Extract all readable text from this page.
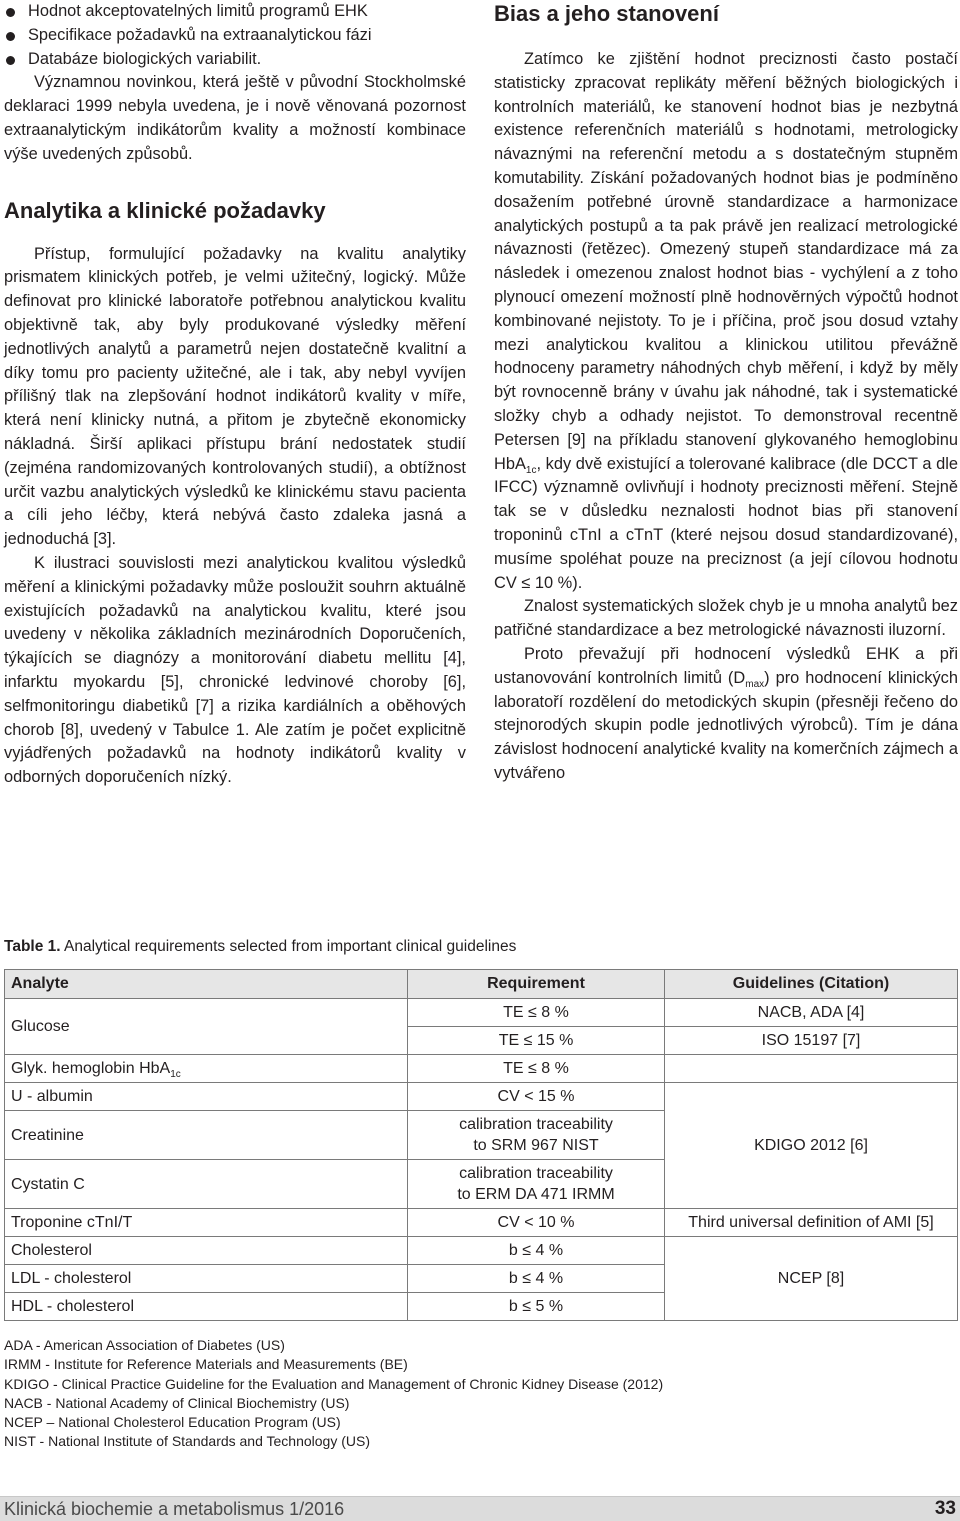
Hodnot akceptovatelných limitů programů EHK
Specifikace požadavků na extraanalytickou fázi
Databáze biologických variabilit.

Významnou novinkou, která ještě v původní Stockholmské deklaraci 1999 nebyla uvedena, je i nově věnovaná pozornost extraanalytickým indikátorům kvality a možností kombinace výše uvedených způsobů.

Analytika a klinické požadavky

Přístup, formulující požadavky na kvalitu analytiky prismatem klinických potřeb, je velmi užitečný, logický. Může definovat pro klinické laboratoře potřebnou analytickou kvalitu objektivně tak, aby byly produkované výsledky měření jednotlivých analytů a parametrů nejen dostatečně kvalitní a díky tomu pro pacienty užitečné, ale i tak, aby nebyl vyvíjen přílišný tlak na zlepšování hodnot indikátorů kvality v míře, která není klinicky nutná, a přitom je zbytečně ekonomicky nákladná. Širší aplikaci přístupu brání nedostatek studií (zejména randomizovaných kontrolovaných studií), a obtížnost určit vazbu analytických výsledků ke klinickému stavu pacienta a cíli jeho léčby, která nebývá často zdaleka jasná a jednoduchá [3].

K ilustraci souvislosti mezi analytickou kvalitou výsledků měření a klinickými požadavky může posloužit souhrn aktuálně existujících požadavků na analytickou kvalitu, které jsou uvedeny v několika základních mezinárodních Doporučeních, týkajících se diagnózy a monitorování diabetu mellitu [4], infarktu myokardu [5], chronické ledvinové choroby [6], selfmonitoringu diabetiků [7] a rizika kardiálních a oběhových chorob [8], uvedený v Tabulce 1. Ale zatím je počet explicitně vyjádřených požadavků na hodnoty indikátorů kvality v odborných doporučeních nízký.

Bias a jeho stanovení

Zatímco ke zjištění hodnot preciznosti často postačí statisticky zpracovat replikáty měření běžných biologických i kontrolních materiálů, ke stanovení hodnot bias je nezbytná existence referenčních materiálů s hodnotami, metrologicky návaznými na referenční metodu a s dostatečným stupněm komutability. Získání požadovaných hodnot bias je podmíněno dosažením potřebné úrovně standardizace a harmonizace analytických postupů a ta pak právě jen realizací metrologické návaznosti (řetězec). Omezený stupeň standardizace má za následek i omezenou znalost hodnot bias - vychýlení a z toho plynoucí omezení možností plně hodnověrných výpočtů hodnot kombinované nejistoty. To je i příčina, proč jsou dosud vztahy mezi analytickou kvalitou a klinickou utilitou převážně hodnoceny parametry náhodných chyb měření, i když by měly být rovnocenně brány v úvahu jak náhodné, tak i systematické složky chyb a odhady nejistot. To demonstroval recentně Petersen [9] na příkladu stanovení glykovaného hemoglobinu HbA$_{1c}$, kdy dvě existující a tolerované kalibrace (dle DCCT a dle IFCC) významně ovlivňují i hodnoty preciznosti měření. Stejně tak se v důsledku neznalosti hodnot bias při stanovení troponinů cTnI a cTnT (které nejsou dosud standardizované), musíme spoléhat pouze na preciznost (a její cílovou hodnotu CV ≤ 10 %).

Znalost systematických složek chyb je u mnoha analytů bez patřičné standardizace a bez metrologické návaznosti iluzorní.

Proto převažují při hodnocení výsledků EHK a při ustanovování kontrolních limitů $(D_{max})$ pro hodnocení klinických laboratoří rozdělení do metodických skupin (přesněji řečeno do stejnorodých skupin podle jednotlivých výrobců). Tím je dána závislost hodnocení analytické kvality na komerčních zájmech a vytvářeno

Table 1. Analytical requirements selected from important clinical guidelines
Analyte	Requirement	Guidelines (Citation)
Glucose	TE ≤ 8 %	NACB, ADA [4]
	TE ≤ 15 %	ISO 15197 [7]
Glyk. hemoglobin HbA$_{1c}$	TE ≤ 8 %	
U - albumin	CV < 15 %	KDIGO 2012 [6]
Creatinine	calibration traceability
to SRM 967 NIST	
Cystatin C	calibration traceability
to ERM DA 471 IRMM	
Troponine cTnI/T	CV < 10 %	Third universal definition of AMI [5]
Cholesterol	b ≤ 4 %	NCEP [8]
LDL - cholesterol	b ≤ 4 %	
HDL - cholesterol	b ≤ 5 %	
ADA - American Association of Diabetes (US)
IRMM - Institute for Reference Materials and Measurements (BE)
KDIGO - Clinical Practice Guideline for the Evaluation and Management of Chronic Kidney Disease (2012)
NACB - National Academy of Clinical Biochemistry (US)
NCEP – National Cholesterol Education Program (US)
NIST - National Institute of Standards and Technology (US)
Klinická biochemie a metabolismus 1/2016	33
